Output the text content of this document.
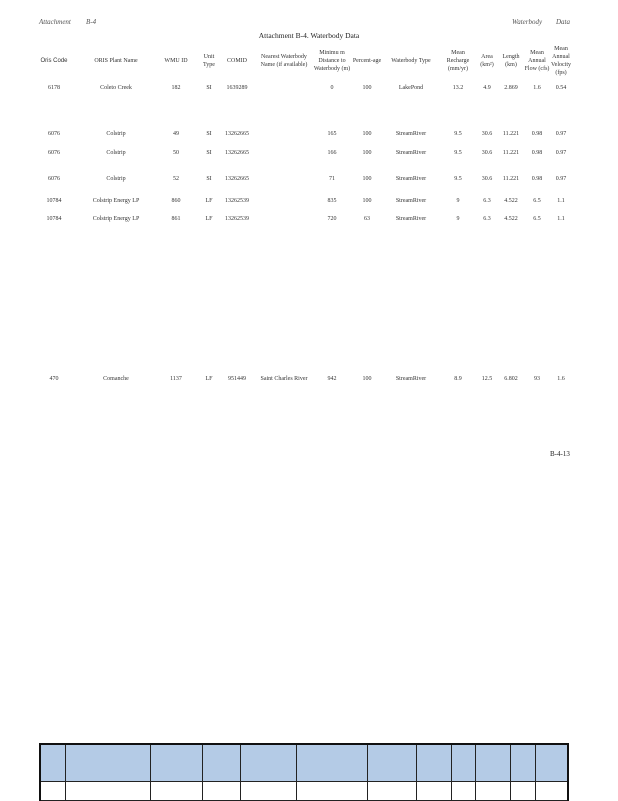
Attachment B-4	Waterbody Data
Attachment B-4. Waterbody Data
Oris Code	ORIS Plant Name	WMU ID	Unit Type	COMID	Nearest Waterbody Name (if available)	Minimu m Distance to Waterbody (m)	Percent-age	Waterbody Type	Mean Recharge (mm/yr)	Area (km²)	Length (km)	Mean Annual Flow (cfs)	Mean Annual Velocity (fps)
6178	Coleto Creek	182	SI	1639289		0	100	LakePond	13.2	4.9	2.869	1.6	0.54

6076	Colstrip	49	SI	13262665		165	100	StreamRiver	9.5	30.6	11.221	0.98	0.97

6076	Colstrip	50	SI	13262665		166	100	StreamRiver	9.5	30.6	11.221	0.98	0.97

6076	Colstrip	52	SI	13262665		71	100	StreamRiver	9.5	30.6	11.221	0.98	0.97

10784	Colstrip Energy LP	860	LF	13262539		835	100	StreamRiver	9	6.3	4.522	6.5	1.1

10784	Colstrip Energy LP	861	LF	13262539		720	63	StreamRiver	9	6.3	4.522	6.5	1.1

470	Comanche	1137	LF	951449	Saint Charles River	942	100	StreamRiver	8.9	12.5	6.802	93	1.6
B-4-13
